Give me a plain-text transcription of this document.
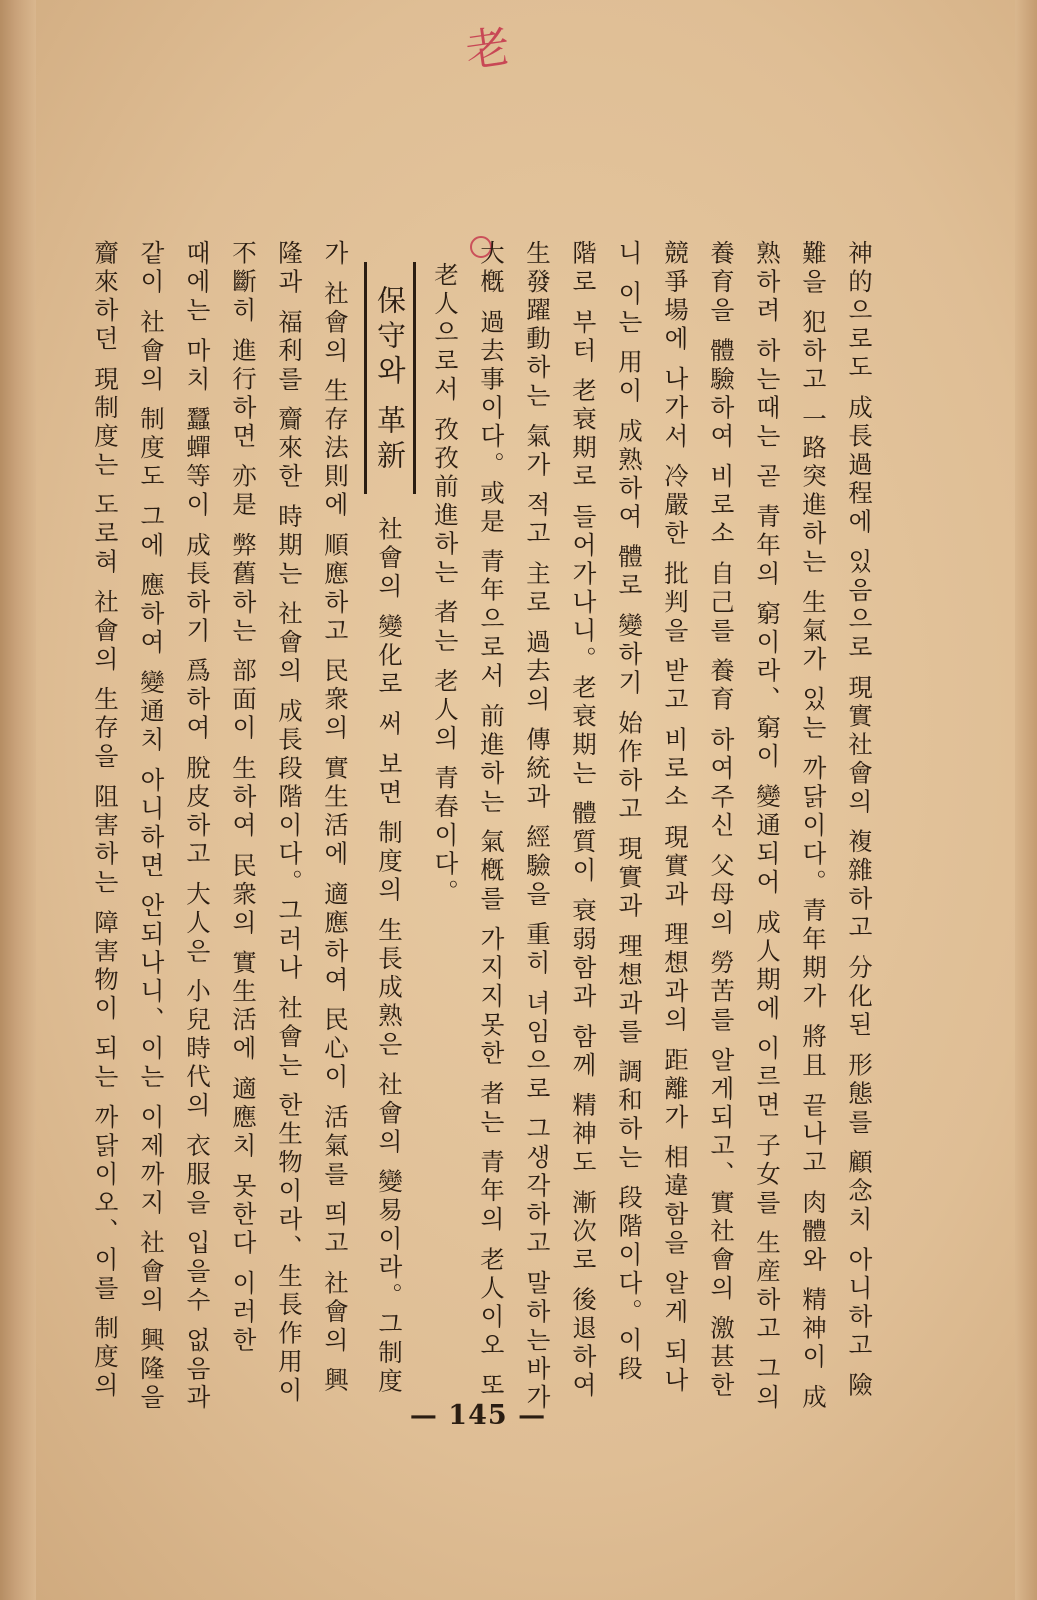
老
神的으로도 成長過程에 있음으로 現實社會의 複雜하고 分化된 形態를 顧念치 아니하고 險
難을 犯하고 一路突進하는 生氣가 있는 까닭이다。青年期가 將且 끝나고 肉體와 精神이 成
熟하려 하는때는 곧 青年의 窮이라、窮이 變通되어 成人期에 이르면 子女를 生産하고 그의
養育을 體驗하여 비로소 自己를 養育 하여주신 父母의 勞苦를 알게되고、實社會의 激甚한
競爭場에 나가서 冷嚴한 批判을 받고 비로소 現實과 理想과의 距離가 相違함을 알게 되나
니 이는 用이 成熟하여 體로 變하기 始作하고 現實과 理想과를 調和하는 段階이다。이段
階로 부터 老衰期로 들어가나니。老衰期는 體質이 衰弱함과 함께 精神도 漸次로 後退하여
生發躍動하는 氣가 적고 主로 過去의 傳統과 經驗을 重히 녀임으로 그생각하고 말하는바가
大槪 過去事이다。或是 青年으로서 前進하는 氣槪를 가지지못한 者는 青年의 老人이오 또
老人으로서 孜孜前進하는 者는 老人의 青春이다。
保守와 革新
社會의 變化로 써 보면 制度의 生長成熟은 社會의 變易이라。그制度
가 社會의 生存法則에 順應하고 民衆의 實生活에 適應하여 民心이 活氣를 띄고 社會의 興
隆과 福利를 齎來한 時期는 社會의 成長段階이다。그러나 社會는 한生物이라、生長作用이
不斷히 進行하면 亦是 弊舊하는 部面이 生하여 民衆의 實生活에 適應치 못한다 이러한
때에는 마치 蠶蟬等이 成長하기 爲하여 脫皮하고 大人은 小兒時代의 衣服을 입을수 없음과
같이 社會의 制度도 그에 應하여 變通치 아니하면 안되나니、이는 이제까지 社會의 興隆을
齎來하던 現制度는 도로혀 社會의 生存을 阻害하는 障害物이 되는 까닭이오、이를 制度의
— 145 —
